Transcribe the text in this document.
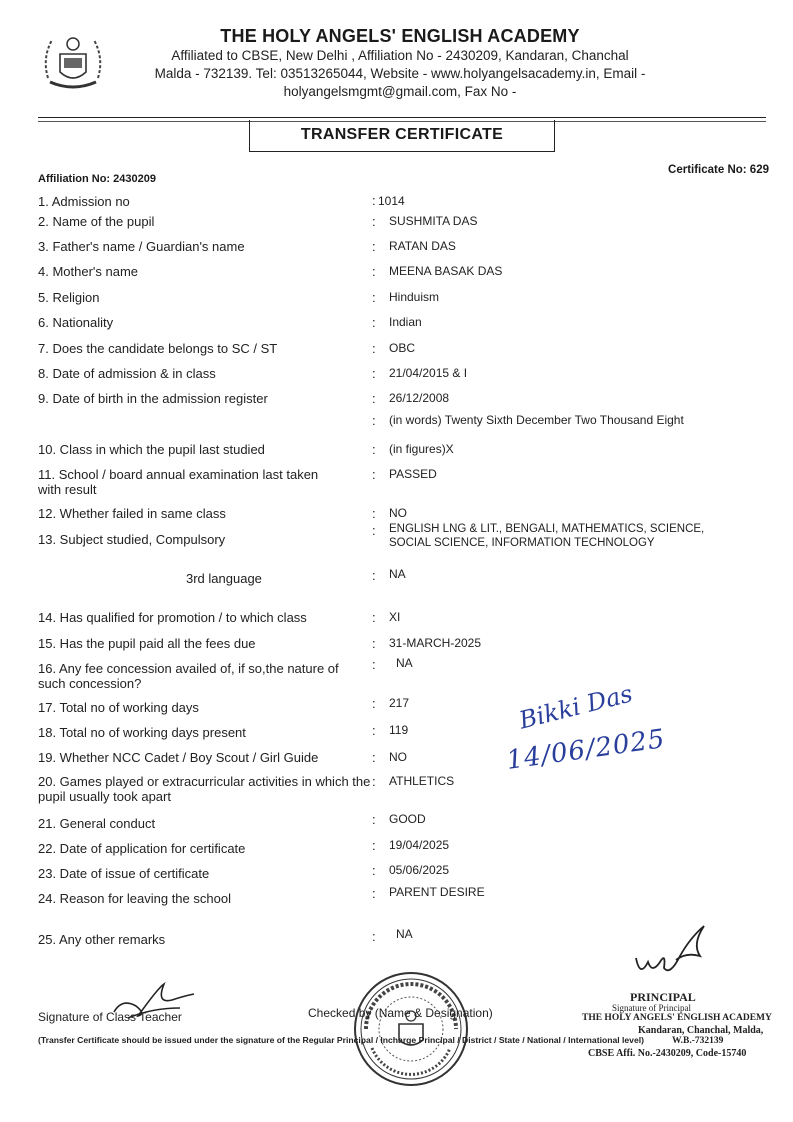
THE HOLY ANGELS' ENGLISH ACADEMY
Affiliated to CBSE, New Delhi , Affiliation No - 2430209, Kandaran, Chanchal
Malda - 732139. Tel: 03513265044, Website - www.holyangelsacademy.in, Email -
holyangelsmgmt@gmail.com, Fax No -
TRANSFER CERTIFICATE
Affiliation No: 2430209
Certificate No: 629
1. Admission no	: 1014
2. Name of the pupil	: SUSHMITA DAS
3. Father's name / Guardian's name	: RATAN DAS
4. Mother's name	: MEENA BASAK DAS
5. Religion	: Hinduism
6. Nationality	: Indian
7. Does the candidate belongs to SC / ST	: OBC
8. Date of admission & in class	: 21/04/2015 & I
9. Date of birth in the admission register	: 26/12/2008
: (in words) Twenty Sixth December Two Thousand Eight
10. Class in which the pupil last studied	: (in figures)X
11. School / board annual examination last taken with result
: PASSED
12. Whether failed in same class	: NO
13. Subject studied, Compulsory
: ENGLISH LNG & LIT., BENGALI, MATHEMATICS, SCIENCE, SOCIAL SCIENCE, INFORMATION TECHNOLOGY
3rd language	: NA
14. Has qualified for promotion / to which class	: XI
15. Has the pupil paid all the fees due	: 31-MARCH-2025
16. Any fee concession availed of, if so,the nature of such concession?
: NA
17. Total no of working days	: 217
18. Total no of working days present	: 119
19. Whether NCC Cadet / Boy Scout / Girl Guide	: NO
20. Games played or extracurricular activities in which the pupil usually took apart
: ATHLETICS
21. General conduct	: GOOD
22. Date of application for certificate	: 19/04/2025
23. Date of issue of certificate	: 05/06/2025
24. Reason for leaving the school	: PARENT DESIRE
25. Any other remarks	: NA
Bikki Das
14/06/2025
Signature of Class Teacher	Checked by (Name & Designation)
PRINCIPAL
Signature of Principal
THE HOLY ANGELS' ENGLISH ACADEMY
Kandaran, Chanchal, Malda,
W.B.-732139
CBSE Affi. No.-2430209, Code-15740
(Transfer Certificate should be issued under the signature of the Regular Principal / Incharge Principal / District / State / National / International level)
